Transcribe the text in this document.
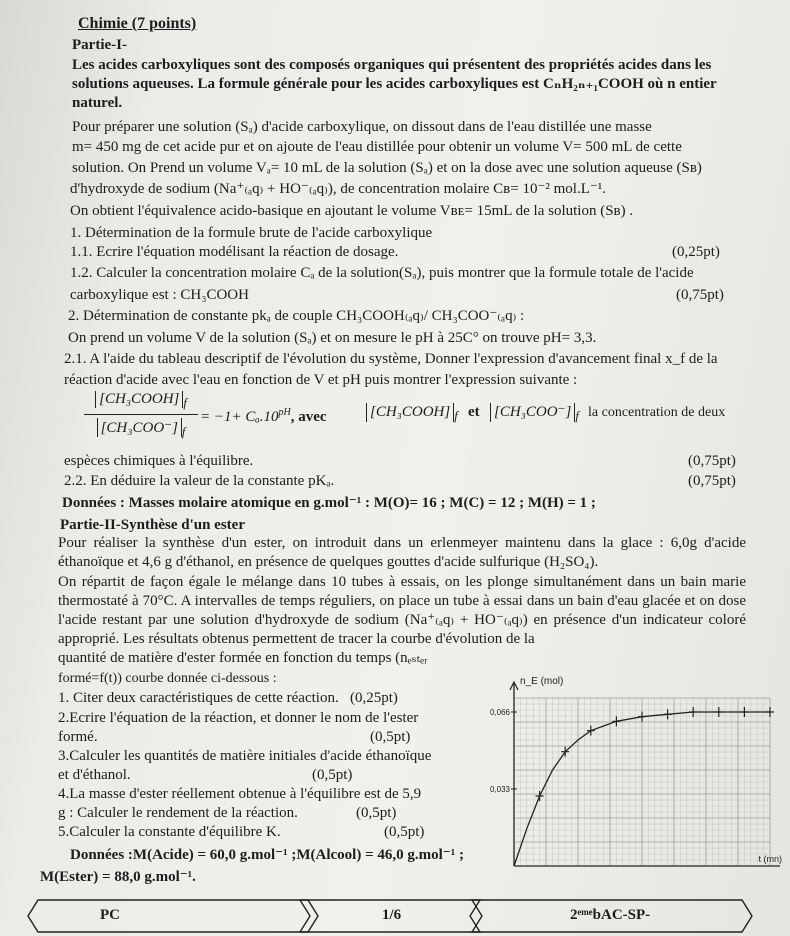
Chimie (7 points)
Partie-I-
Les acides carboxyliques sont des composés organiques qui présentent des propriétés acides dans les
solutions aqueuses. La formule générale pour les acides carboxyliques est CₙH₂ₙ₊₁COOH où n entier
naturel.
Pour préparer une solution (Sₐ) d'acide carboxylique, on dissout dans de l'eau distillée une masse
m= 450 mg de cet acide pur et on ajoute de l'eau distillée pour obtenir un volume V= 500 mL de cette
solution. On Prend un volume Vₐ= 10 mL de la solution (Sₐ) et on la dose avec une solution aqueuse (Sʙ)
d'hydroxyde de sodium (Na⁺₍ₐq₎ + HO⁻₍ₐq₎), de concentration molaire Cʙ= 10⁻² mol.L⁻¹.
On obtient l'équivalence acido-basique en ajoutant le volume Vʙᴇ= 15mL de la solution (Sʙ) .
1. Détermination de la formule brute de l'acide carboxylique
1.1. Ecrire l'équation modélisant la réaction de dosage.	(0,25pt)
1.2. Calculer la concentration molaire Cₐ de la solution(Sₐ), puis montrer que la formule totale de l'acide
carboxylique est : CH₃COOH	(0,75pt)
2. Détermination de constante pkₐ de couple CH₃COOH₍ₐq₎/ CH₃COO⁻₍ₐq₎ :
On prend un volume V de la solution (Sₐ) et on mesure le pH à 25C° on trouve pH= 3,3.
2.1. A l'aide du tableau descriptif de l'évolution du système, Donner l'expression d'avancement final x_f de la
réaction d'acide avec l'eau en fonction de V et pH puis montrer l'expression suivante :
[CH₃COOH] $_f$
[CH₃COO⁻] $_f$
= $-1+ C_a.10^{pH}$, avec	[CH₃COOH] $_f$ et [CH₃COO⁻] $_f$ la concentration de deux
espèces chimiques à l'équilibre.	(0,75pt)
2.2. En déduire la valeur de la constante pKₐ.	(0,75pt)
Données : Masses molaire atomique en g.mol⁻¹ : M(O)= 16 ; M(C) = 12 ; M(H) = 1 ;
Partie-II-Synthèse d'un ester
Pour réaliser la synthèse d'un ester, on introduit dans un erlenmeyer maintenu dans la glace : 6,0g d'acide éthanoïque et 4,6 g d'éthanol, en présence de quelques gouttes d'acide sulfurique (H₂SO₄).
On répartit de façon égale le mélange dans 10 tubes à essais, on les plonge simultanément dans un bain marie thermostaté à 70°C. A intervalles de temps réguliers, on place un tube à essai dans un bain d'eau glacée et on dose l'acide restant par une solution d'hydroxyde de sodium (Na⁺₍ₐq₎ + HO⁻₍ₐq₎) en présence d'un indicateur coloré approprié. Les résultats obtenus permettent de tracer la courbe d'évolution de la
quantité de matière d'ester formée en fonction du temps (nₑₛₜₑᵣ
formé=f(t)) courbe donnée ci-dessous :
1. Citer deux caractéristiques de cette réaction. (0,25pt)
2.Ecrire l'équation de la réaction, et donner le nom de l'ester
formé.	(0,5pt)
3.Calculer les quantités de matière initiales d'acide éthanoïque
et d'éthanol.	(0,5pt)
4.La masse d'ester réellement obtenue à l'équilibre est de 5,9
g : Calculer le rendement de la réaction.	(0,5pt)
5.Calculer la constante d'équilibre K.	(0,5pt)
Données :M(Acide) = 60,0 g.mol⁻¹ ;M(Alcool) = 46,0 g.mol⁻¹ ;
M(Ester) = 88,0 g.mol⁻¹.
0,066
0,033
n_E (mol)
t (mn)
PC	1/6	2ᵉᵐᵉbAC-SP-
